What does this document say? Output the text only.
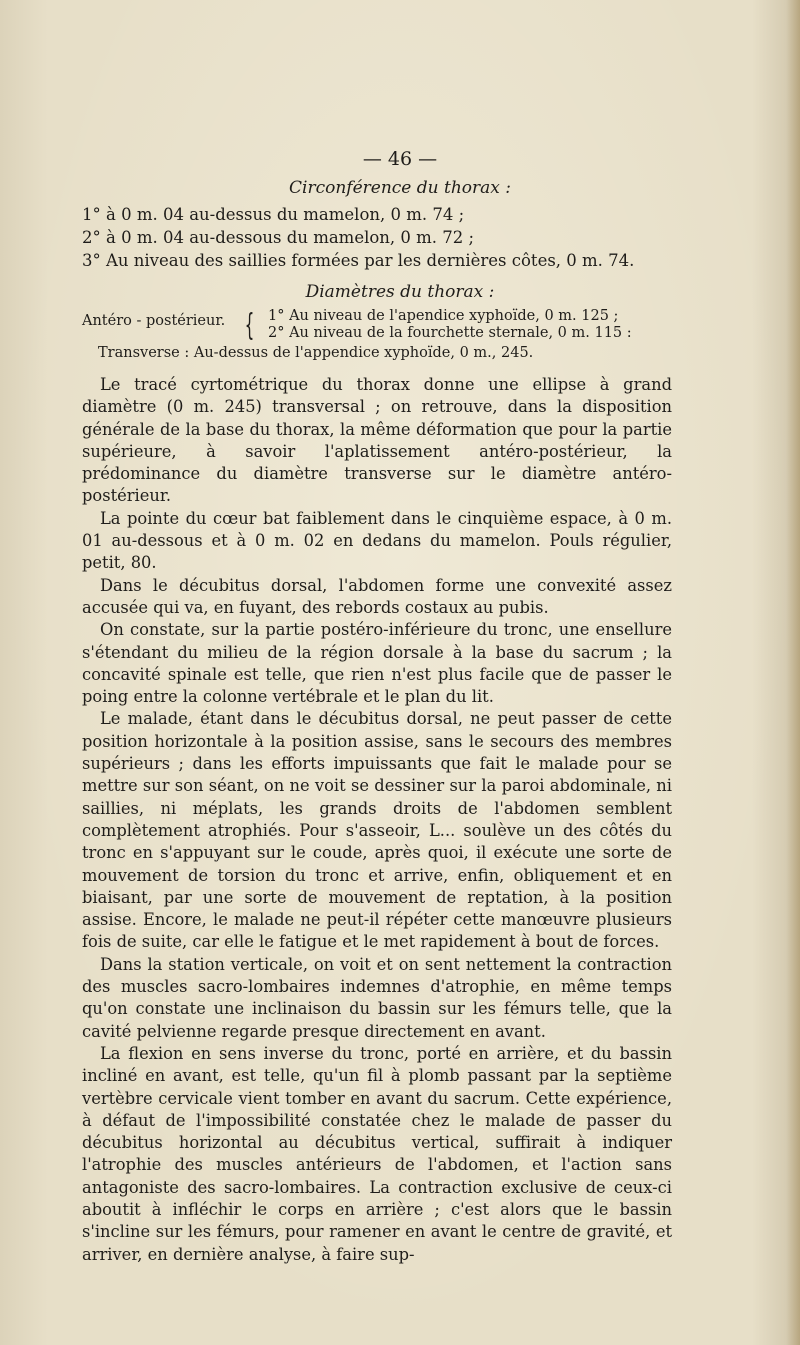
— 46 —
Circonférence du thorax :
1° à 0 m. 04 au-dessus du mamelon, 0 m. 74 ;
2° à 0 m. 04 au-dessous du mamelon, 0 m. 72 ;
3° Au niveau des saillies formées par les dernières côtes, 0 m. 74.
Diamètres du thorax :
Antéro - postérieur. { 1° Au niveau de l'apendice xyphoïde, 0 m. 125 ;
2° Au niveau de la fourchette sternale, 0 m. 115 :
Transverse : Au-dessus de l'appendice xyphoïde, 0 m., 245.

Le tracé cyrtométrique du thorax donne une ellipse à grand diamètre (0 m. 245) transversal ; on retrouve, dans la disposition générale de la base du thorax, la même déformation que pour la partie supérieure, à savoir l'aplatissement antéro-postérieur, la prédominance du diamètre transverse sur le diamètre antéro-postérieur.

La pointe du cœur bat faiblement dans le cinquième espace, à 0 m. 01 au-dessous et à 0 m. 02 en dedans du mamelon. Pouls régulier, petit, 80.

Dans le décubitus dorsal, l'abdomen forme une convexité assez accusée qui va, en fuyant, des rebords costaux au pubis.

On constate, sur la partie postéro-inférieure du tronc, une ensellure s'étendant du milieu de la région dorsale à la base du sacrum ; la concavité spinale est telle, que rien n'est plus facile que de passer le poing entre la colonne vertébrale et le plan du lit.

Le malade, étant dans le décubitus dorsal, ne peut passer de cette position horizontale à la position assise, sans le secours des membres supérieurs ; dans les efforts impuissants que fait le malade pour se mettre sur son séant, on ne voit se dessiner sur la paroi abdominale, ni saillies, ni méplats, les grands droits de l'abdomen semblent complètement atrophiés. Pour s'asseoir, L... soulève un des côtés du tronc en s'appuyant sur le coude, après quoi, il exécute une sorte de mouvement de torsion du tronc et arrive, enfin, obliquement et en biaisant, par une sorte de mouvement de reptation, à la position assise. Encore, le malade ne peut-il répéter cette manœuvre plusieurs fois de suite, car elle le fatigue et le met rapidement à bout de forces.

Dans la station verticale, on voit et on sent nettement la contraction des muscles sacro-lombaires indemnes d'atrophie, en même temps qu'on constate une inclinaison du bassin sur les fémurs telle, que la cavité pelvienne regarde presque directement en avant.

La flexion en sens inverse du tronc, porté en arrière, et du bassin incliné en avant, est telle, qu'un fil à plomb passant par la septième vertèbre cervicale vient tomber en avant du sacrum. Cette expérience, à défaut de l'impossibilité constatée chez le malade de passer du décubitus horizontal au décubitus vertical, suffirait à indiquer l'atrophie des muscles antérieurs de l'abdomen, et l'action sans antagoniste des sacro-lombaires. La contraction exclusive de ceux-ci aboutit à infléchir le corps en arrière ; c'est alors que le bassin s'incline sur les fémurs, pour ramener en avant le centre de gravité, et arriver, en dernière analyse, à faire sup-
